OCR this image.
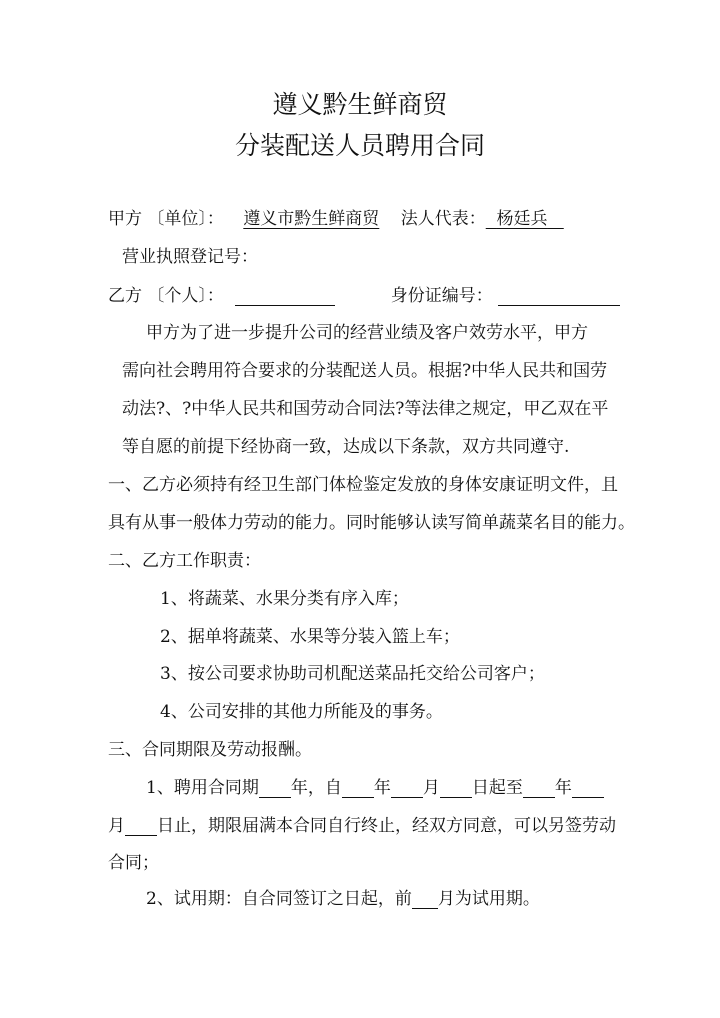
遵义黔生鲜商贸
分装配送人员聘用合同
甲方 〔单位〕： 遵义市黔生鲜商贸 法人代表： 杨廷兵
营业执照登记号：
乙方 〔个人〕：	身份证编号：
甲方为了进一步提升公司的经营业绩及客户效劳水平，甲方
需向社会聘用符合要求的分装配送人员。根据?中华人民共和国劳
动法?、?中华人民共和国劳动合同法?等法律之规定，甲乙双在平
等自愿的前提下经协商一致，达成以下条款，双方共同遵守.
一、乙方必须持有经卫生部门体检鉴定发放的身体安康证明文件，且
具有从事一般体力劳动的能力。同时能够认读写简单蔬菜名目的能力。
二、乙方工作职责：
1、将蔬菜、水果分类有序入库；
2、据单将蔬菜、水果等分装入篮上车；
3、按公司要求协助司机配送菜品托交给公司客户；
4、公司安排的其他力所能及的事务。
三、合同期限及劳动报酬。
1、聘用合同期 年，自 年 月 日起至 年
月 日止，期限届满本合同自行终止，经双方同意，可以另签劳动
合同；
2、试用期：自合同签订之日起，前 月为试用期。
